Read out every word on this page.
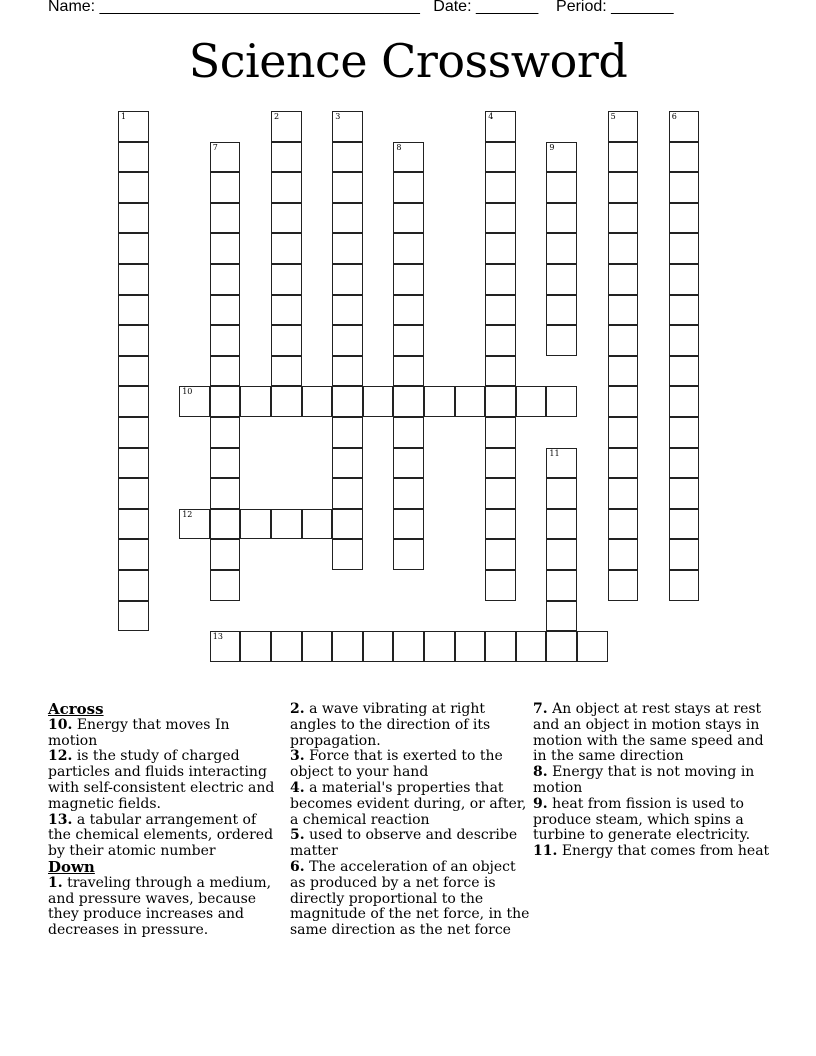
Name: ____________________________________ Date: _______ Period: _______
Science Crossword
1	2	3	4	5	6
7	8	9
10
11
12
13
Across
10. Energy that moves In motion
12. is the study of charged particles and fluids interacting with self-consistent electric and magnetic fields.
13. a tabular arrangement of the chemical elements, ordered by their atomic number
Down
1. traveling through a medium, and pressure waves, because they produce increases and decreases in pressure.
2. a wave vibrating at right angles to the direction of its propagation.
3. Force that is exerted to the object to your hand
4. a material's properties that becomes evident during, or after, a chemical reaction
5. used to observe and describe matter
6. The acceleration of an object as produced by a net force is directly proportional to the magnitude of the net force, in the same direction as the net force
7. An object at rest stays at rest and an object in motion stays in motion with the same speed and in the same direction
8. Energy that is not moving in motion
9. heat from fission is used to produce steam, which spins a turbine to generate electricity.
11. Energy that comes from heat
